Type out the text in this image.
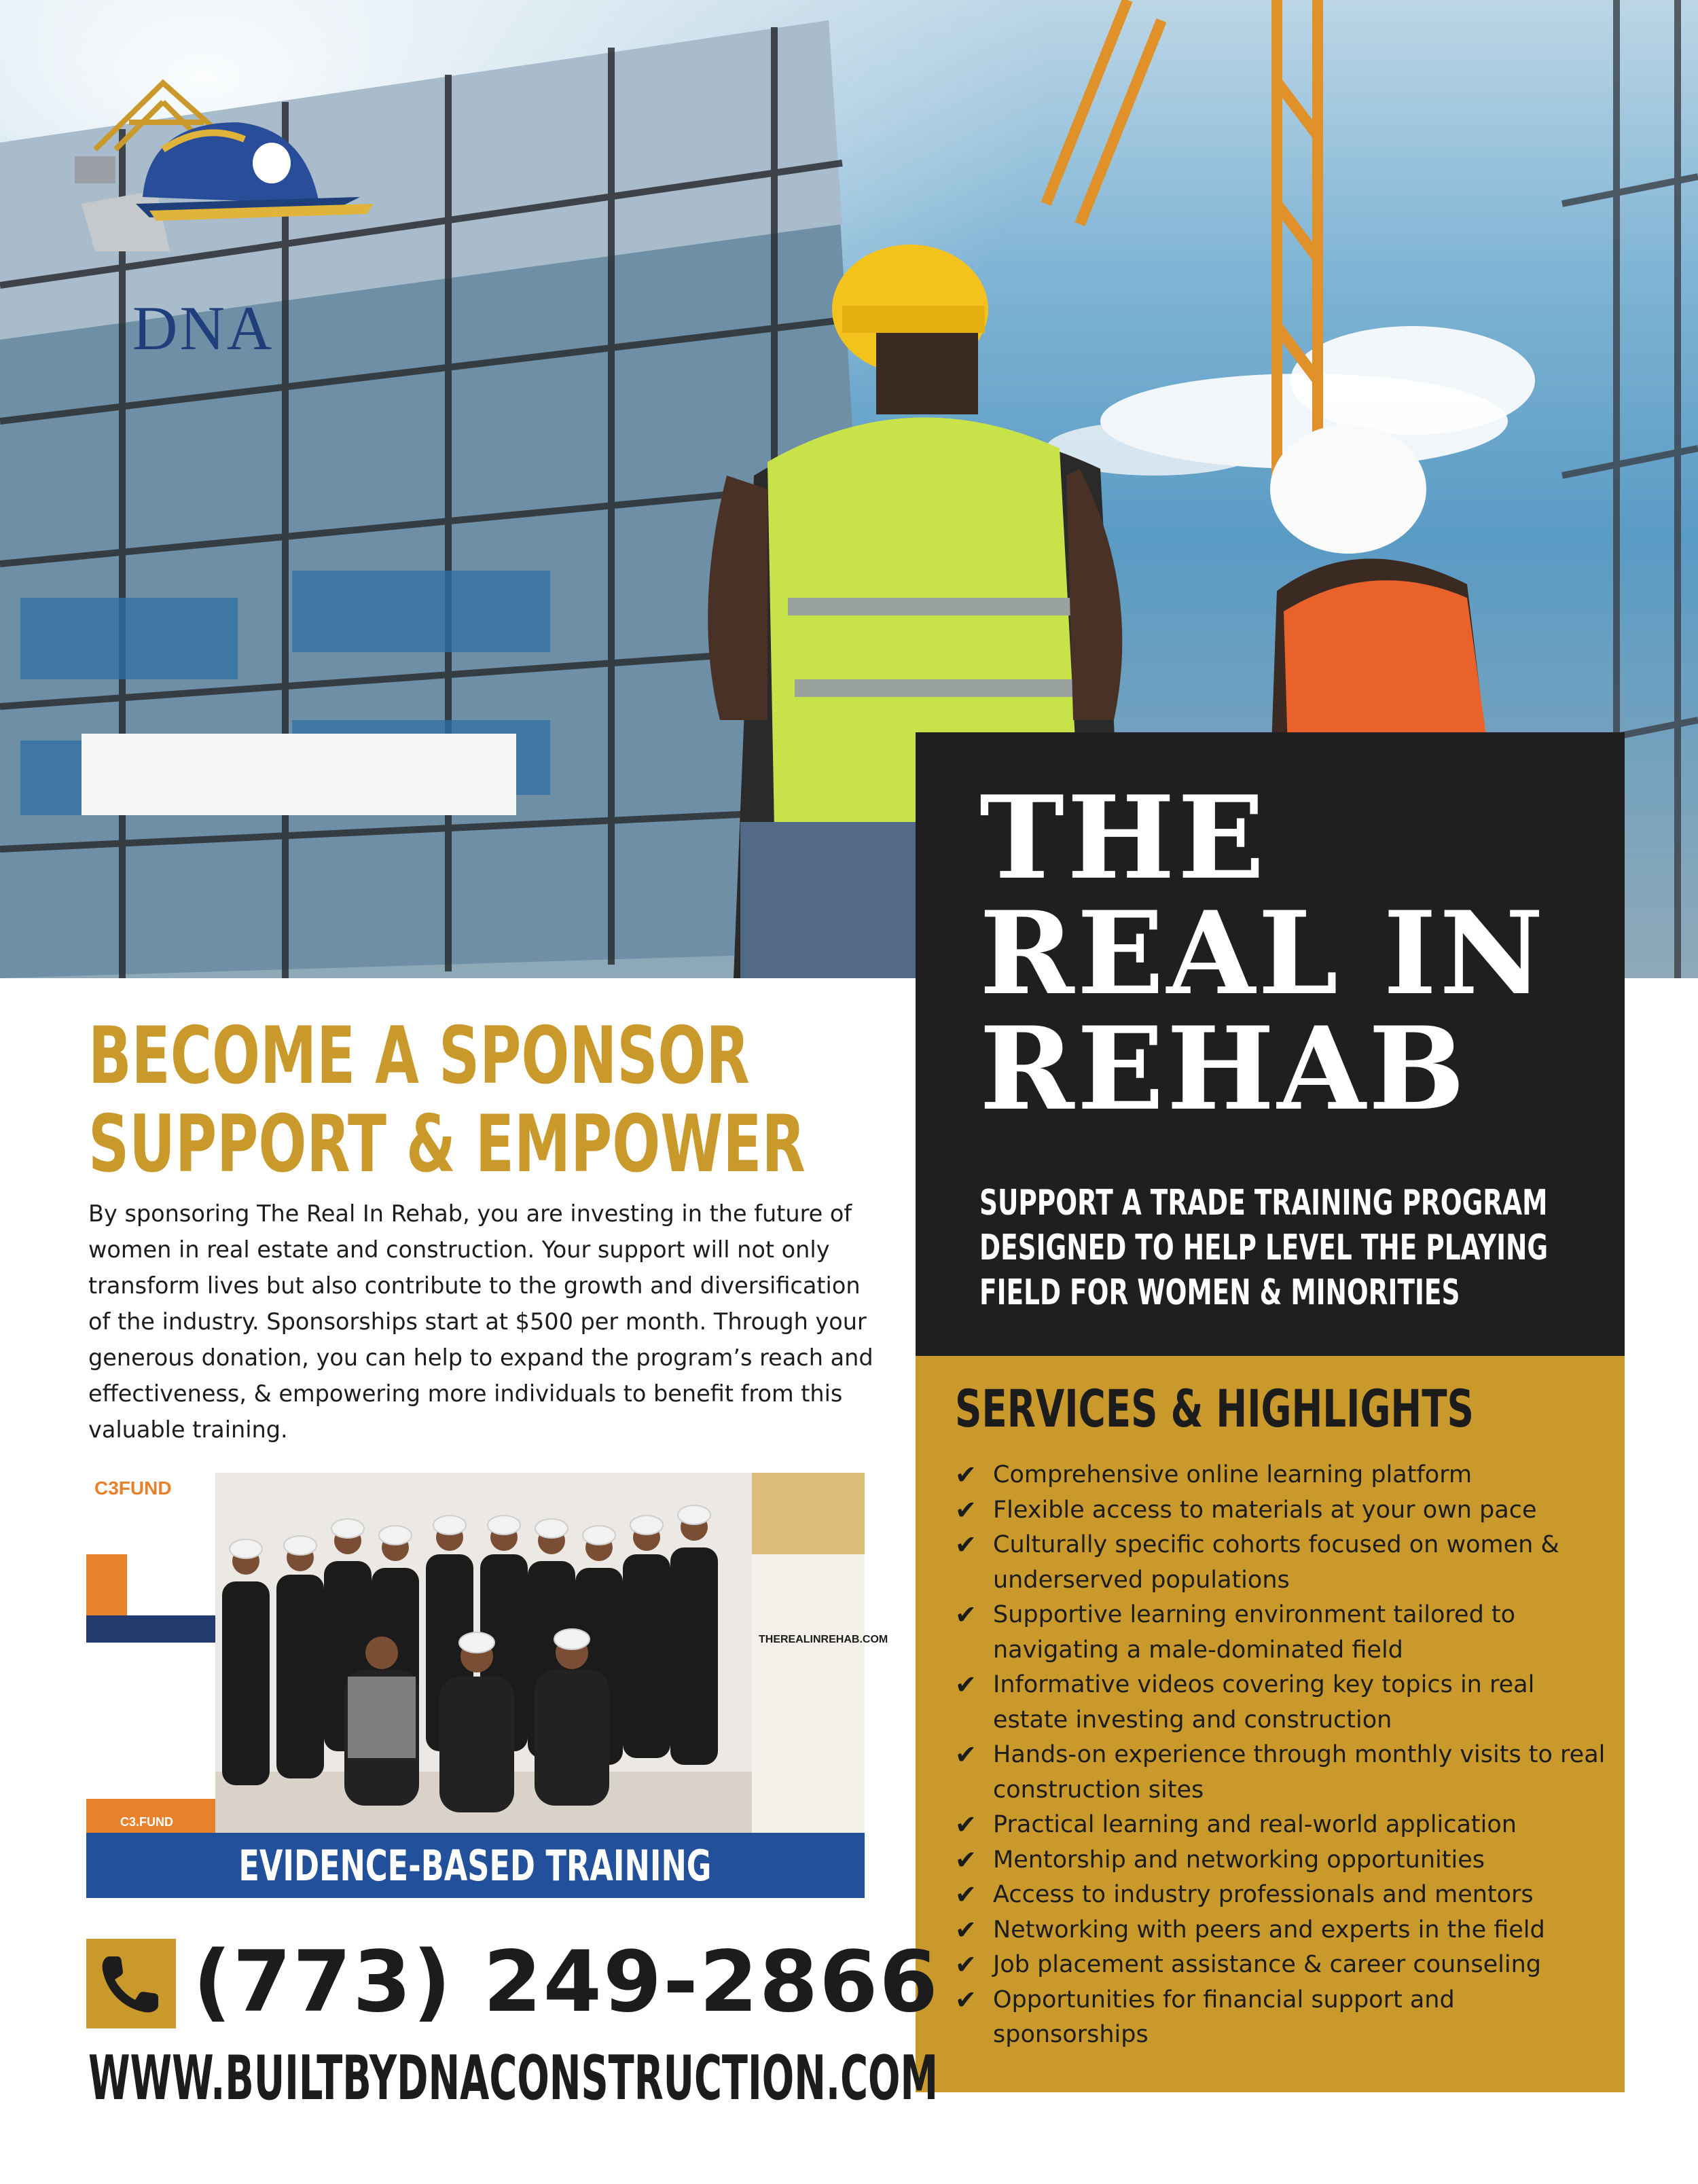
DNA
THE
REAL IN
REHAB

SUPPORT A TRADE TRAINING PROGRAM
DESIGNED TO HELP LEVEL THE PLAYING
FIELD FOR WOMEN & MINORITIES

SERVICES & HIGHLIGHTS
✔ Comprehensive online learning platform
✔ Flexible access to materials at your own pace
✔ Culturally specific cohorts focused on women & underserved populations
✔ Supportive learning environment tailored to navigating a male-dominated field
✔ Informative videos covering key topics in real estate investing and construction
✔ Hands-on experience through monthly visits to real construction sites
✔ Practical learning and real-world application
✔ Mentorship and networking opportunities
✔ Access to industry professionals and mentors
✔ Networking with peers and experts in the field
✔ Job placement assistance & career counseling
✔ Opportunities for financial support and sponsorships
BECOME A SPONSOR
SUPPORT & EMPOWER

By sponsoring The Real In Rehab, you are investing in the future of women in real estate and construction. Your support will not only transform lives but also contribute to the growth and diversification of the industry. Sponsorships start at $500 per month. Through your generous donation, you can help to expand the program’s reach and effectiveness, & empowering more individuals to benefit from this valuable training.

C3FUND
C3.FUND
THEREALINREHAB.COM
EVIDENCE-BASED TRAINING

(773) 249-2866

WWW.BUILTBYDNACONSTRUCTION.COM
